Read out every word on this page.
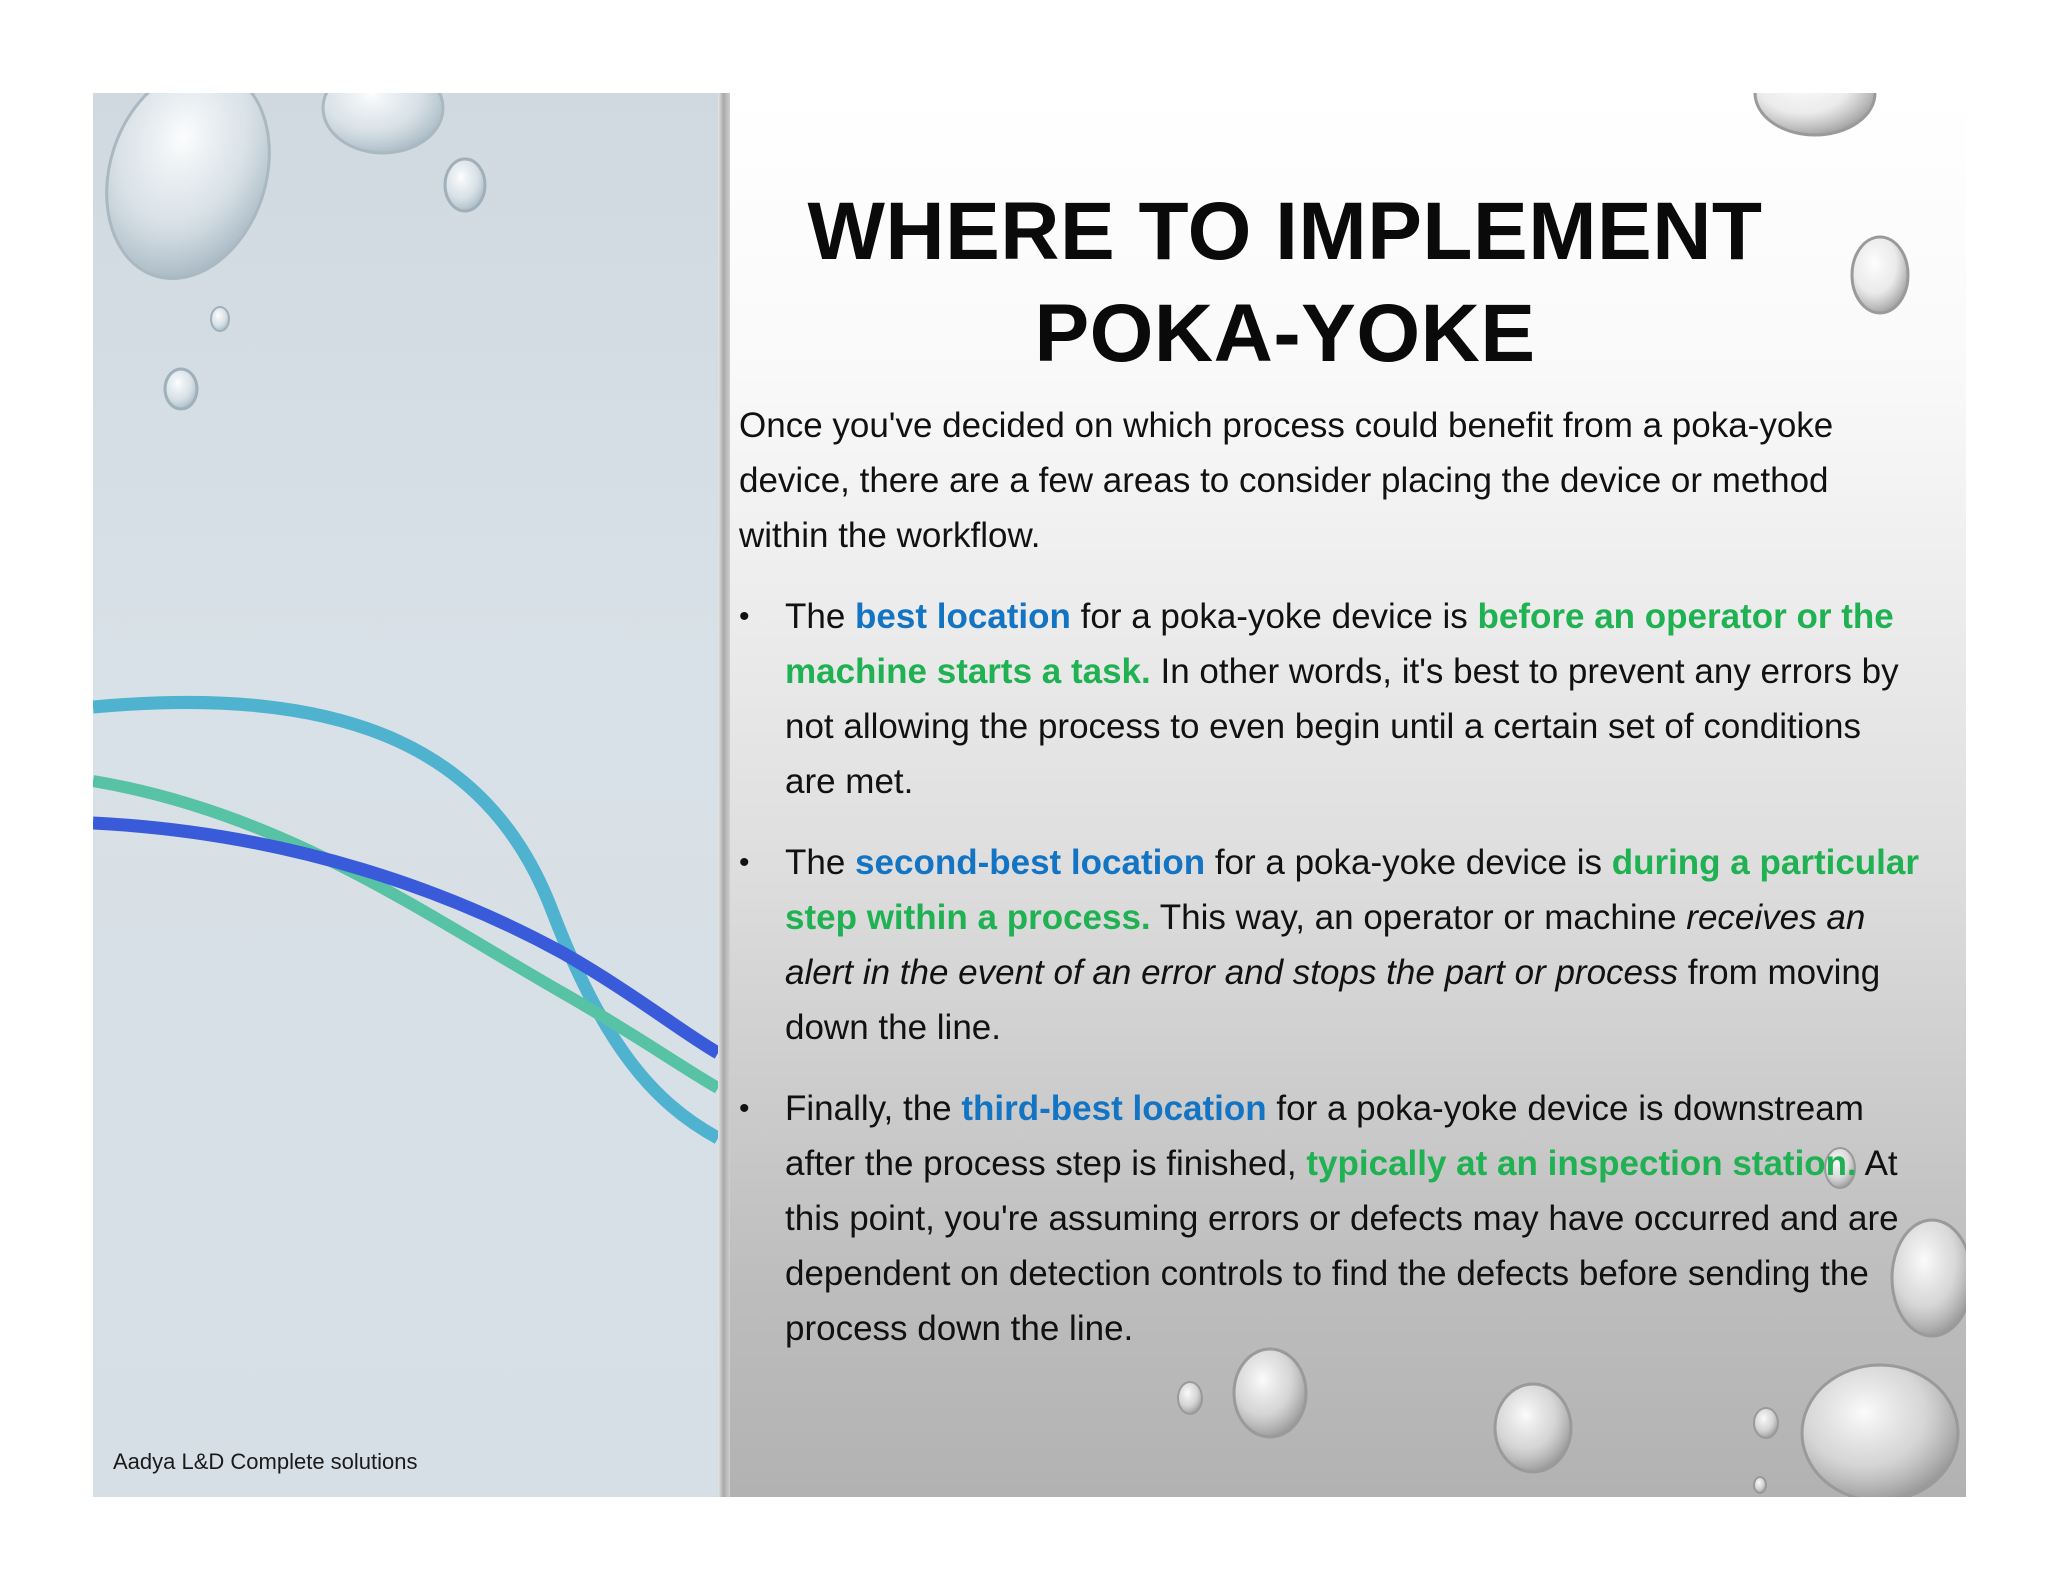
Aadya L&D Complete solutions
WHERE TO IMPLEMENT
POKA-YOKE

Once you've decided on which process could benefit from a poka-yoke device, there are a few areas to consider placing the device or method within the workflow.

• The best location for a poka-yoke device is before an operator or the machine starts a task. In other words, it's best to prevent any errors by not allowing the process to even begin until a certain set of conditions are met.
• The second-best location for a poka-yoke device is during a particular step within a process. This way, an operator or machine receives an alert in the event of an error and stops the part or process from moving down the line.
• Finally, the third-best location for a poka-yoke device is downstream after the process step is finished, typically at an inspection station. At this point, you're assuming errors or defects may have occurred and are dependent on detection controls to find the defects before sending the process down the line.
